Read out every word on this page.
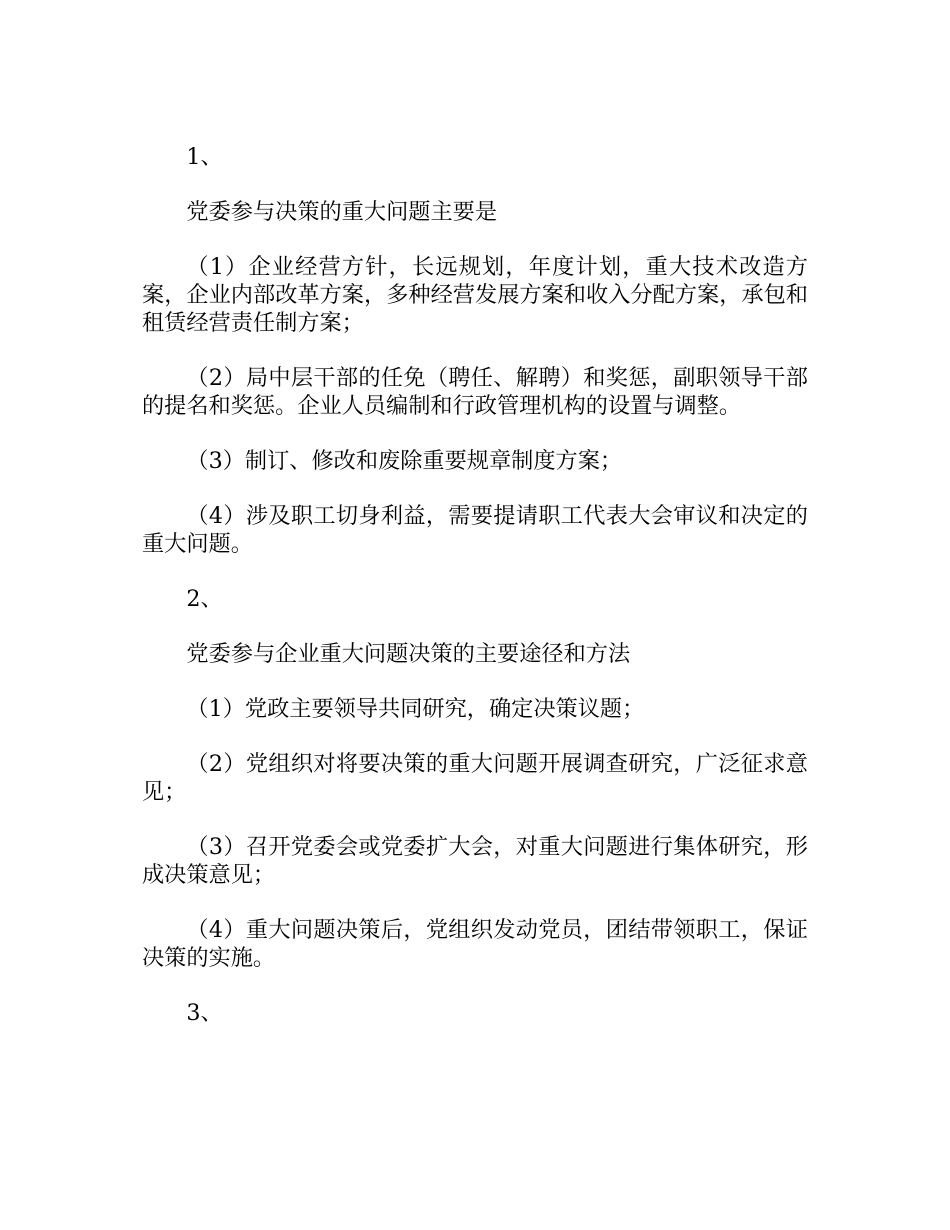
1、

党委参与决策的重大问题主要是

（1）企业经营方针，长远规划，年度计划，重大技术改造方案，企业内部改革方案，多种经营发展方案和收入分配方案，承包和租赁经营责任制方案；

（2）局中层干部的任免（聘任、解聘）和奖惩，副职领导干部的提名和奖惩。企业人员编制和行政管理机构的设置与调整。

（3）制订、修改和废除重要规章制度方案；

（4）涉及职工切身利益，需要提请职工代表大会审议和决定的重大问题。

2、

党委参与企业重大问题决策的主要途径和方法

（1）党政主要领导共同研究，确定决策议题；

（2）党组织对将要决策的重大问题开展调查研究，广泛征求意见；

（3）召开党委会或党委扩大会，对重大问题进行集体研究，形成决策意见；

（4）重大问题决策后，党组织发动党员，团结带领职工，保证决策的实施。

3、
